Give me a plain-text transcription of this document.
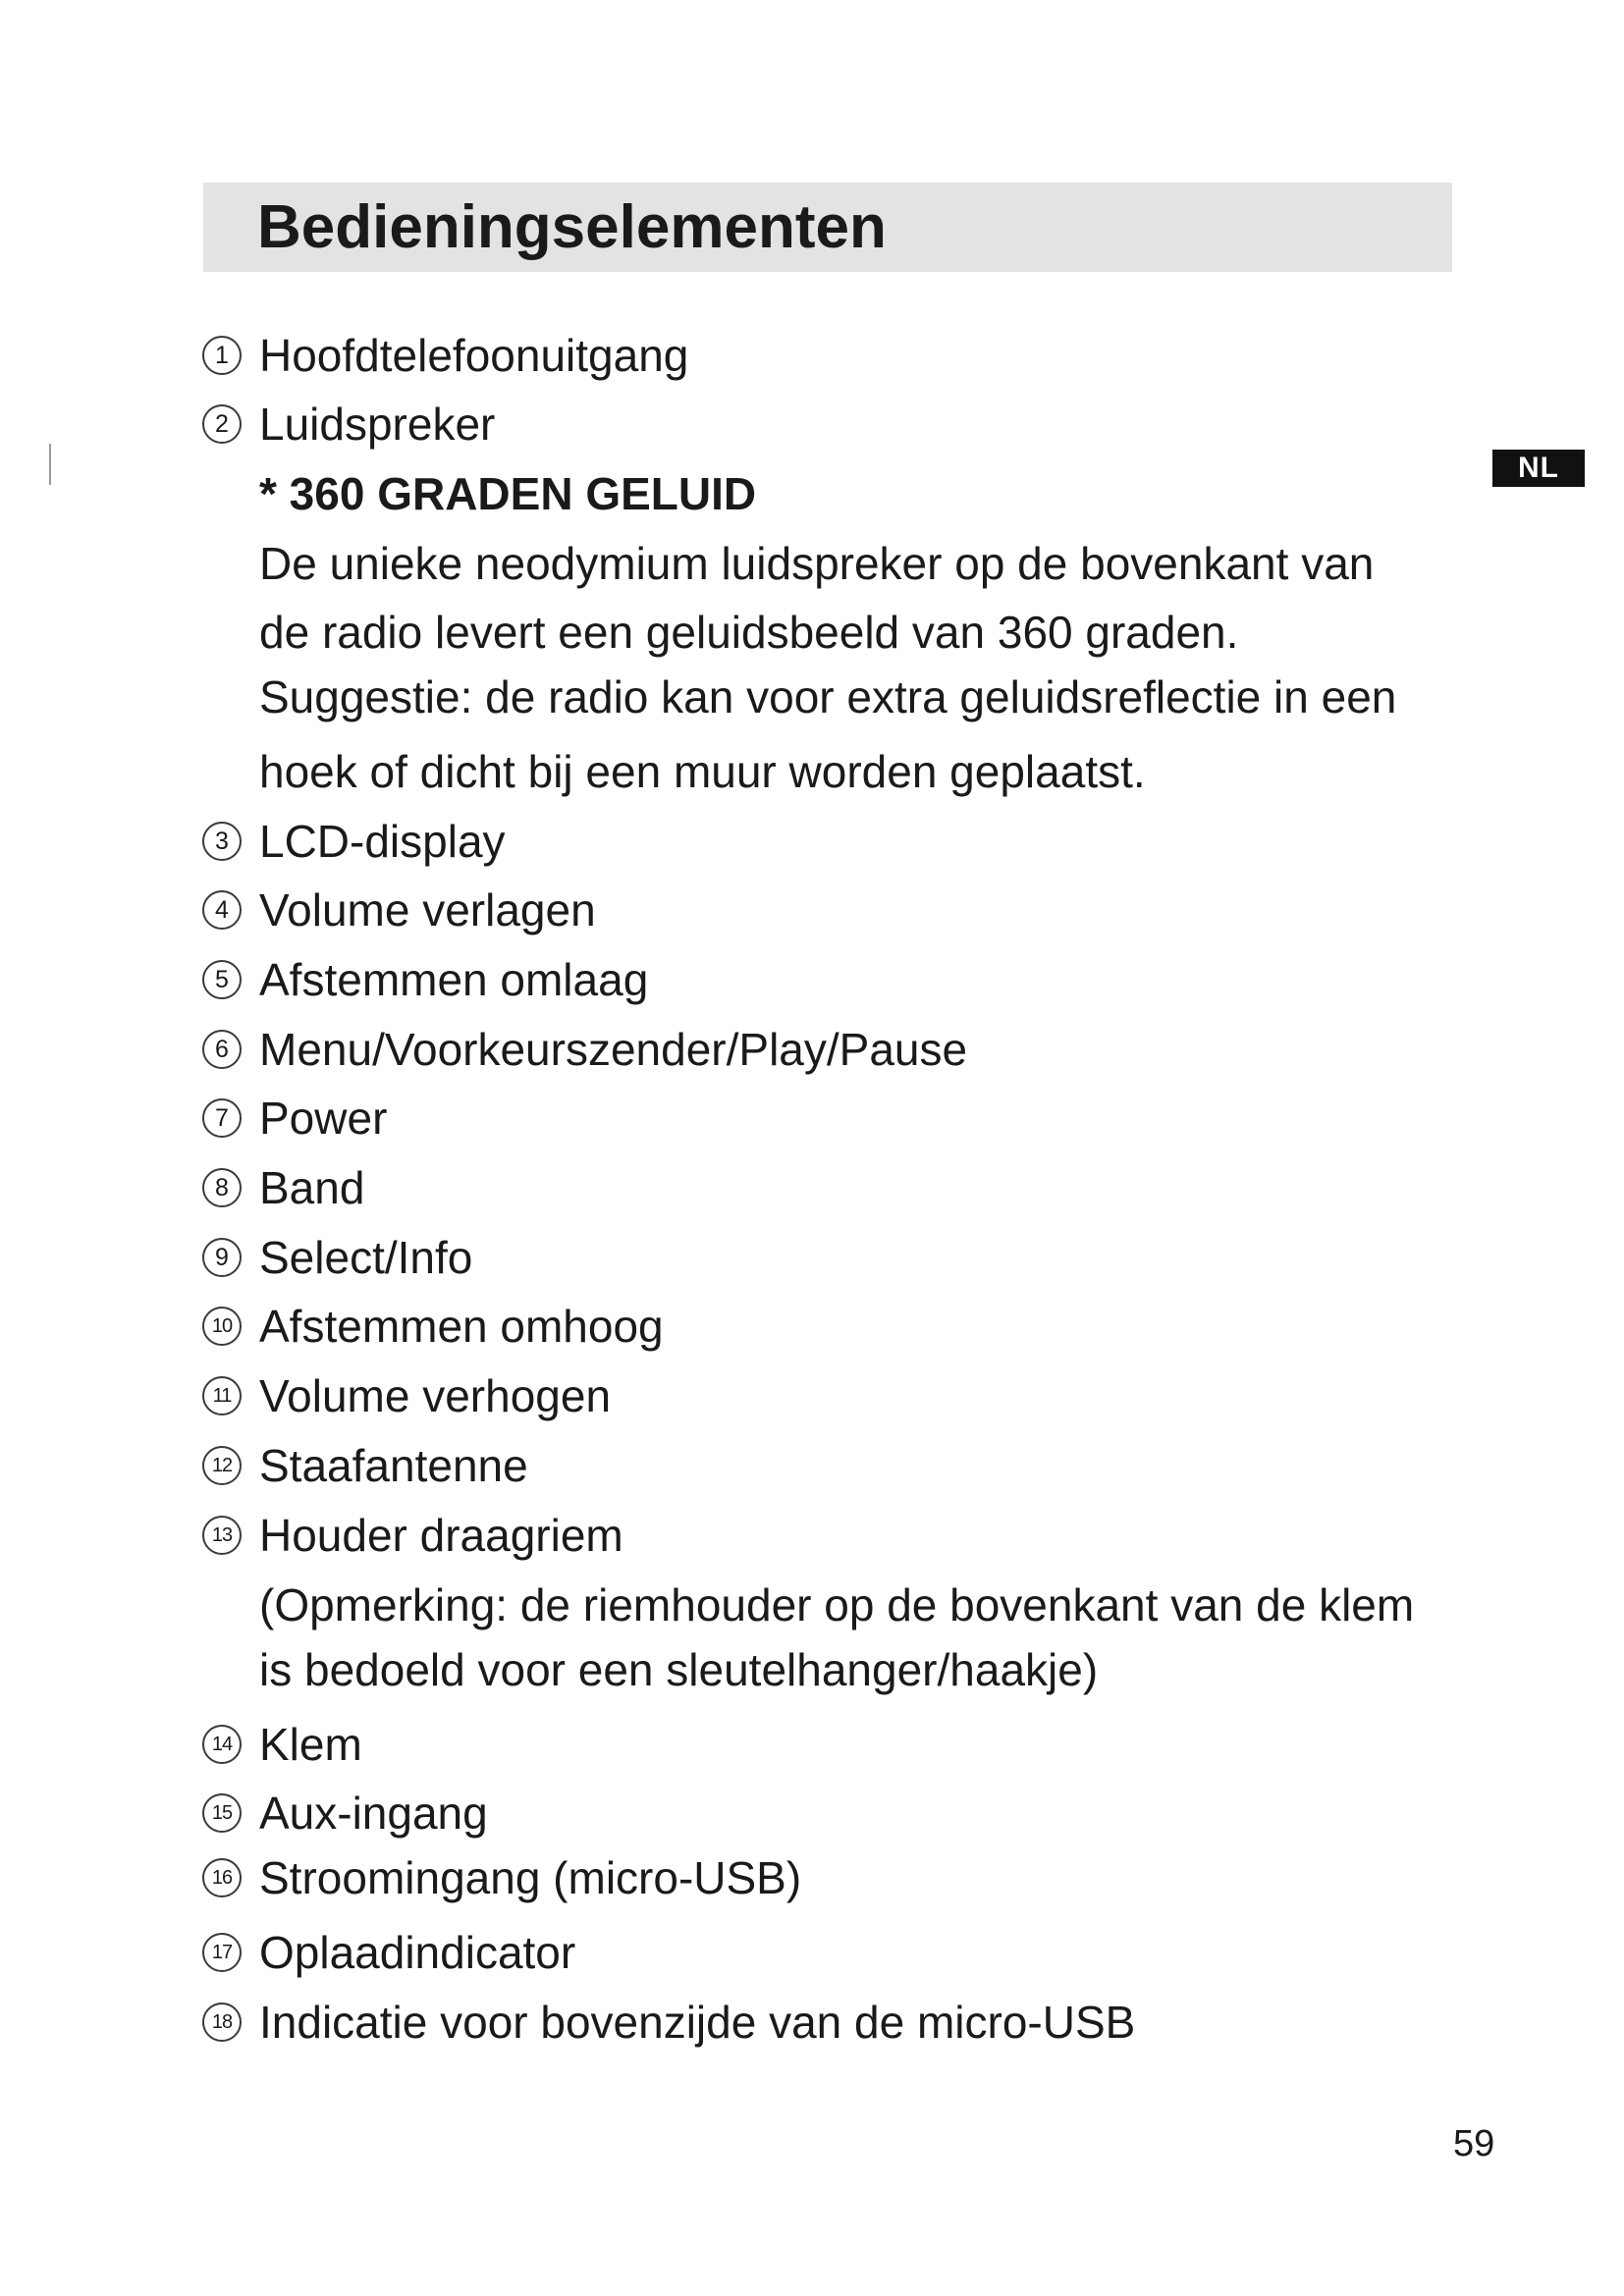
Bedieningselementen
NL
1 Hoofdtelefoonuitgang
2 Luidspreker
* 360 GRADEN GELUID
De unieke neodymium luidspreker op de bovenkant van
de radio levert een geluidsbeeld van 360 graden.
Suggestie: de radio kan voor extra geluidsreflectie in een
hoek of dicht bij een muur worden geplaatst.
3 LCD-display
4 Volume verlagen
5 Afstemmen omlaag
6 Menu/Voorkeurszender/Play/Pause
7 Power
8 Band
9 Select/Info
10 Afstemmen omhoog
11 Volume verhogen
12 Staafantenne
13 Houder draagriem
(Opmerking: de riemhouder op de bovenkant van de klem
is bedoeld voor een sleutelhanger/haakje)
14 Klem
15 Aux-ingang
16 Stroomingang (micro-USB)
17 Oplaadindicator
18 Indicatie voor bovenzijde van de micro-USB
59
